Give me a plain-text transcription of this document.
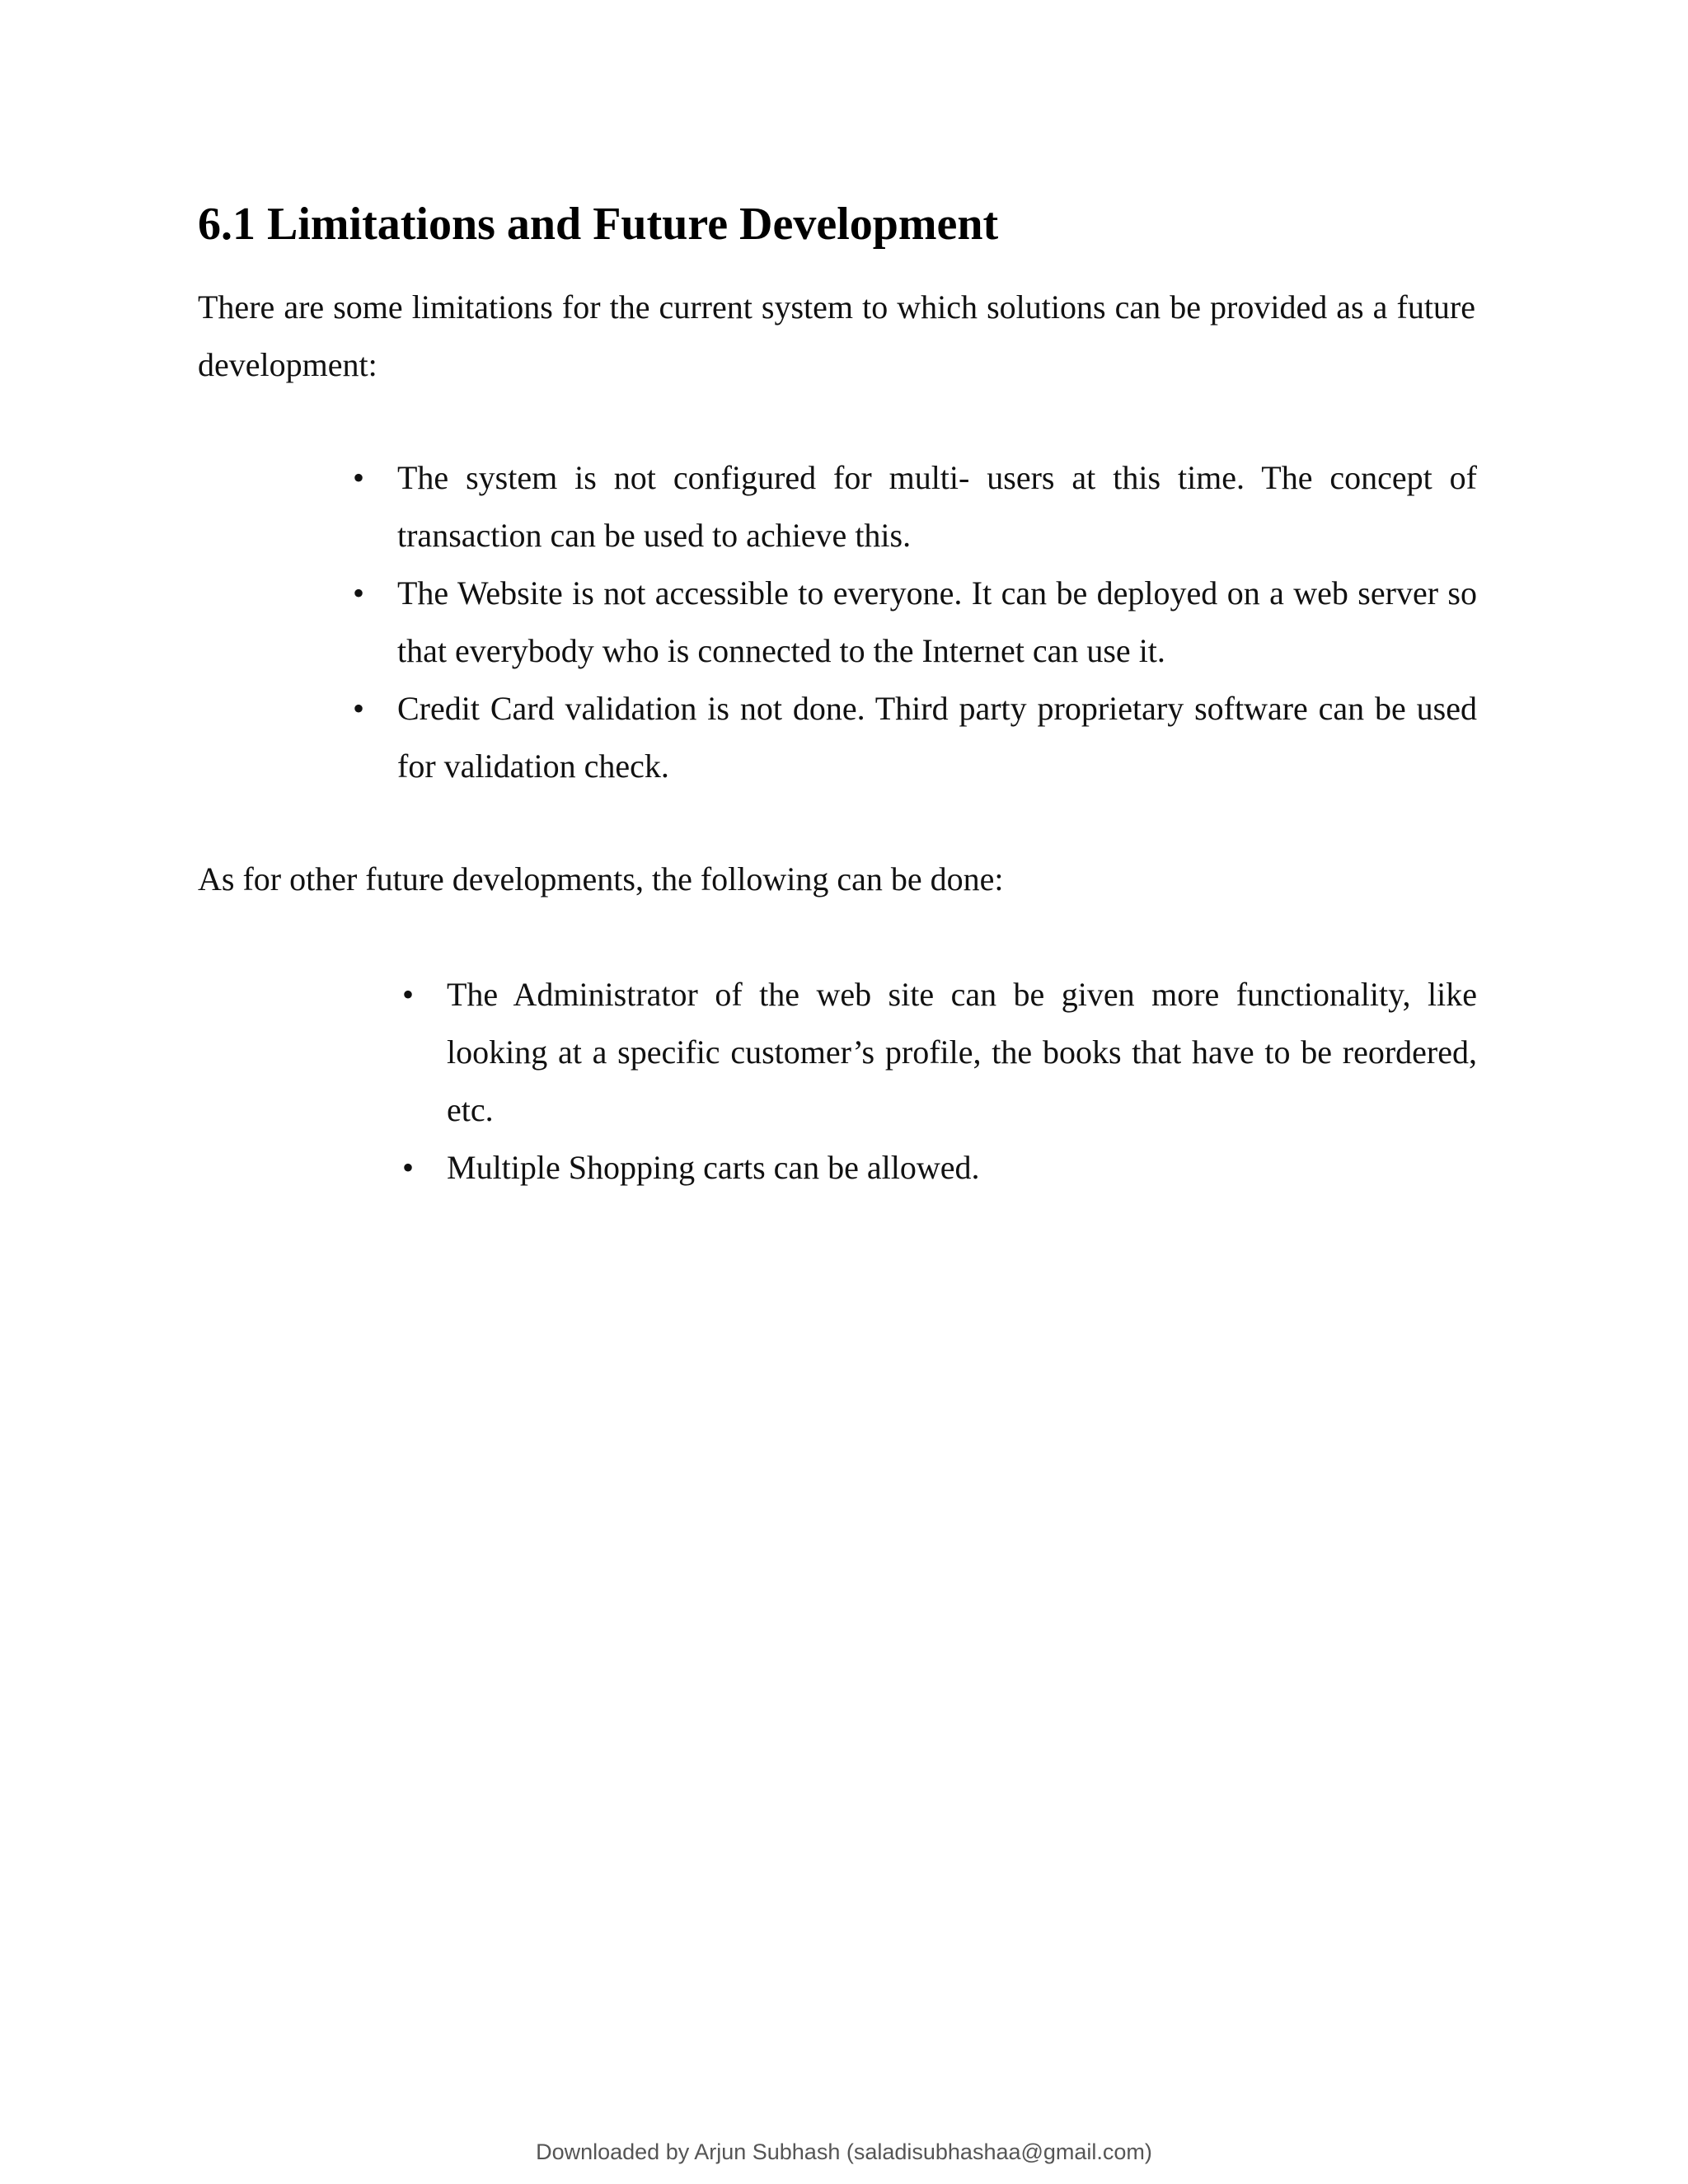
6.1 Limitations and Future Development

There are some limitations for the current system to which solutions can be provided as a future development:

• The system is not configured for multi- users at this time. The concept of transaction can be used to achieve this.
• The Website is not accessible to everyone. It can be deployed on a web server so that everybody who is connected to the Internet can use it.
• Credit Card validation is not done. Third party proprietary software can be used for validation check.

As for other future developments, the following can be done:

• The Administrator of the web site can be given more functionality, like looking at a specific customer’s profile, the books that have to be reordered, etc.
• Multiple Shopping carts can be allowed.
Downloaded by Arjun Subhash (saladisubhashaa@gmail.com)
